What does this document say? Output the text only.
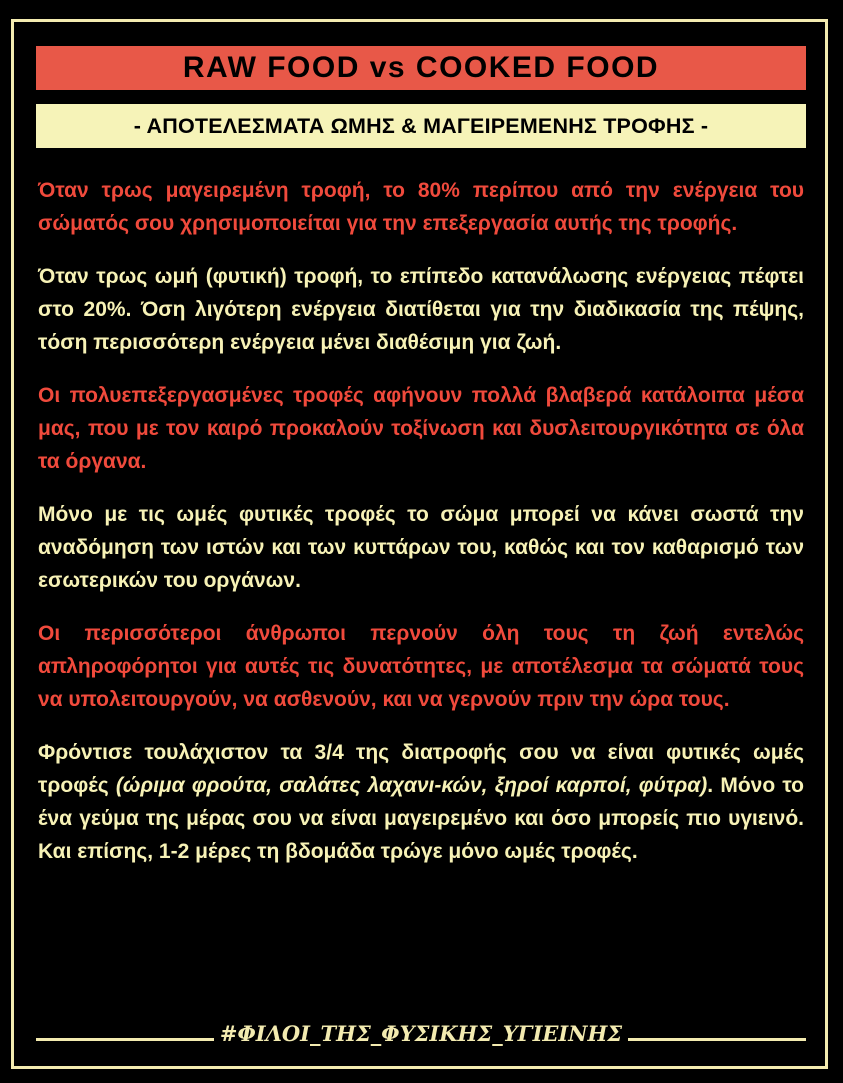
RAW FOOD vs COOKED FOOD
- ΑΠΟΤΕΛΕΣΜΑΤΑ ΩΜΗΣ & ΜΑΓΕΙΡΕΜΕΝΗΣ ΤΡΟΦΗΣ -

Όταν τρως μαγειρεμένη τροφή, το 80% περίπου από την ενέργεια του σώματός σου χρησιμοποιείται για την επεξεργασία αυτής της τροφής.

Όταν τρως ωμή (φυτική) τροφή, το επίπεδο κατανάλωσης ενέργειας πέφτει στο 20%. Όση λιγότερη ενέργεια διατίθεται για την διαδικασία της πέψης, τόση περισσότερη ενέργεια μένει διαθέσιμη για ζωή.

Οι πολυεπεξεργασμένες τροφές αφήνουν πολλά βλαβερά κατάλοιπα μέσα μας, που με τον καιρό προκαλούν τοξίνωση και δυσλειτουργικότητα σε όλα τα όργανα.

Μόνο με τις ωμές φυτικές τροφές το σώμα μπορεί να κάνει σωστά την αναδόμηση των ιστών και των κυττάρων του, καθώς και τον καθαρισμό των εσωτερικών του οργάνων.

Οι περισσότεροι άνθρωποι περνούν όλη τους τη ζωή εντελώς απληροφόρητοι για αυτές τις δυνατότητες, με αποτέλεσμα τα σώματά τους να υπολειτουργούν, να ασθενούν, και να γερνούν πριν την ώρα τους.

Φρόντισε τουλάχιστον τα 3/4 της διατροφής σου να είναι φυτικές ωμές τροφές (ώριμα φρούτα, σαλάτες λαχανι-κών, ξηροί καρποί, φύτρα). Μόνο το ένα γεύμα της μέρας σου να είναι μαγειρεμένο και όσο μπορείς πιο υγιεινό. Και επίσης, 1-2 μέρες τη βδομάδα τρώγε μόνο ωμές τροφές.

#ΦΙΛΟΙ_ΤΗΣ_ΦΥΣΙΚΗΣ_ΥΓΙΕΙΝΗΣ
